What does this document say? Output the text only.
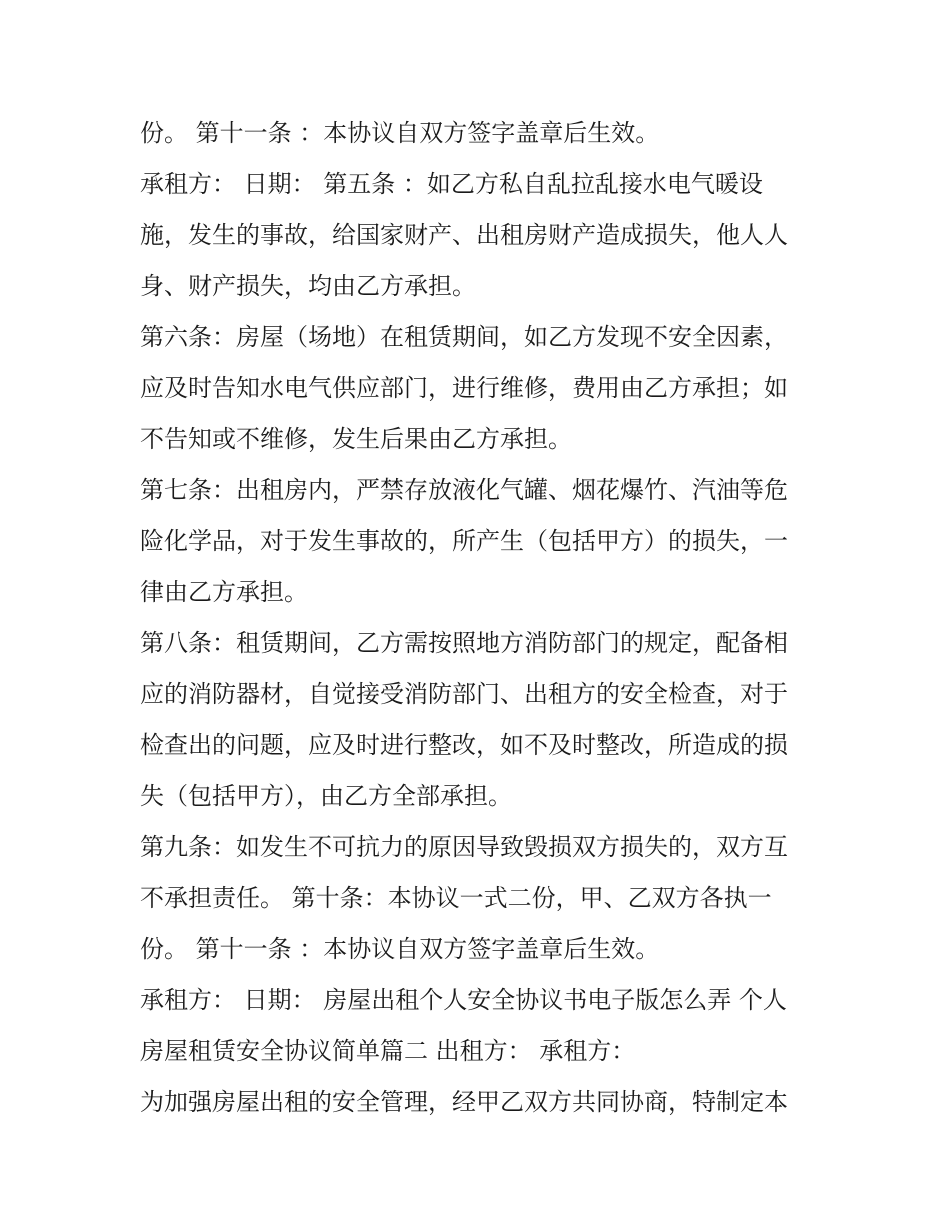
份。 第十一条 ：本协议自双方签字盖章后生效。
承租方： 日期： 第五条 ：如乙方私自乱拉乱接水电气暖设
施，发生的事故，给国家财产、出租房财产造成损失，他人人
身、财产损失，均由乙方承担。
第六条：房屋（场地）在租赁期间，如乙方发现不安全因素，
应及时告知水电气供应部门，进行维修，费用由乙方承担；如
不告知或不维修，发生后果由乙方承担。
第七条：出租房内，严禁存放液化气罐、烟花爆竹、汽油等危
险化学品，对于发生事故的，所产生（包括甲方）的损失，一
律由乙方承担。
第八条：租赁期间，乙方需按照地方消防部门的规定，配备相
应的消防器材，自觉接受消防部门、出租方的安全检查，对于
检查出的问题，应及时进行整改，如不及时整改，所造成的损
失（包括甲方），由乙方全部承担。
第九条：如发生不可抗力的原因导致毁损双方损失的，双方互
不承担责任。 第十条：本协议一式二份，甲、乙双方各执一
份。 第十一条 ：本协议自双方签字盖章后生效。
承租方： 日期： 房屋出租个人安全协议书电子版怎么弄 个人
房屋租赁安全协议简单篇二 出租方： 承租方：
为加强房屋出租的安全管理，经甲乙双方共同协商，特制定本
